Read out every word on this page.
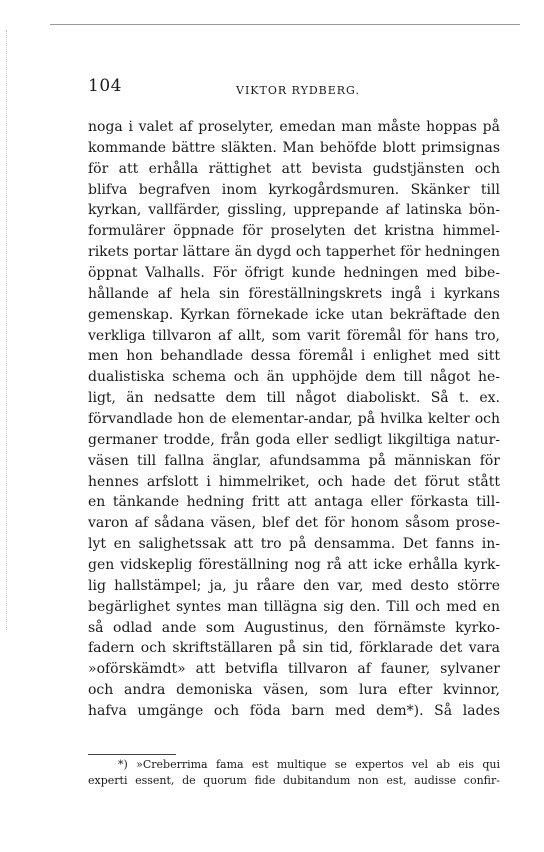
104	VIKTOR RYDBERG.
noga i valet af proselyter, emedan man måste hoppas på
kommande bättre släkten. Man behöfde blott primsignas
för att erhålla rättighet att bevista gudstjänsten och
blifva begrafven inom kyrkogårdsmuren. Skänker till
kyrkan, vallfärder, gissling, upprepande af latinska bön-
formulärer öppnade för proselyten det kristna himmel-
rikets portar lättare än dygd och tapperhet för hedningen
öppnat Valhalls. För öfrigt kunde hedningen med bibe-
hållande af hela sin föreställningskrets ingå i kyrkans
gemenskap. Kyrkan förnekade icke utan bekräftade den
verkliga tillvaron af allt, som varit föremål för hans tro,
men hon behandlade dessa föremål i enlighet med sitt
dualistiska schema och än upphöjde dem till något he-
ligt, än nedsatte dem till något diaboliskt. Så t. ex.
förvandlade hon de elementar-andar, på hvilka kelter och
germaner trodde, från goda eller sedligt likgiltiga natur-
väsen till fallna änglar, afundsamma på människan för
hennes arfslott i himmelriket, och hade det förut stått
en tänkande hedning fritt att antaga eller förkasta till-
varon af sådana väsen, blef det för honom såsom prose-
lyt en salighetssak att tro på densamma. Det fanns in-
gen vidskeplig föreställning nog rå att icke erhålla kyrk-
lig hallstämpel; ja, ju råare den var, med desto större
begärlighet syntes man tillägna sig den. Till och med en
så odlad ande som Augustinus, den förnämste kyrko-
fadern och skriftställaren på sin tid, förklarade det vara
»oförskämdt» att betvifla tillvaron af fauner, sylvaner
och andra demoniska väsen, som lura efter kvinnor,
hafva umgänge och föda barn med dem*). Så lades
*) »Creberrima fama est multique se expertos vel ab eis qui
experti essent, de quorum fide dubitandum non est, audisse confir-
